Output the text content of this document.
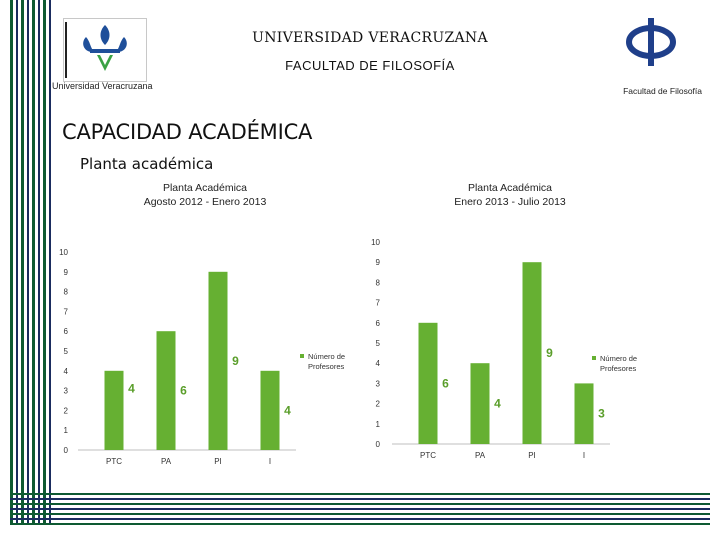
UNIVERSIDAD VERACRUZANA
FACULTAD DE FILOSOFÍA
Universidad Veracruzana	Facultad de Filosofía
CAPACIDAD ACADÉMICA
Planta académica
Planta Académica
Agosto 2012 - Enero 2013
0
1
2
3
4
5
6
7
8
9
10
4
PTC
6
PA
9
PI
4
I
Número de
Profesores
Planta Académica
Enero 2013 - Julio 2013
0
1
2
3
4
5
6
7
8
9
10
6
PTC
4
PA
9
PI
3
I
Número de
Profesores
